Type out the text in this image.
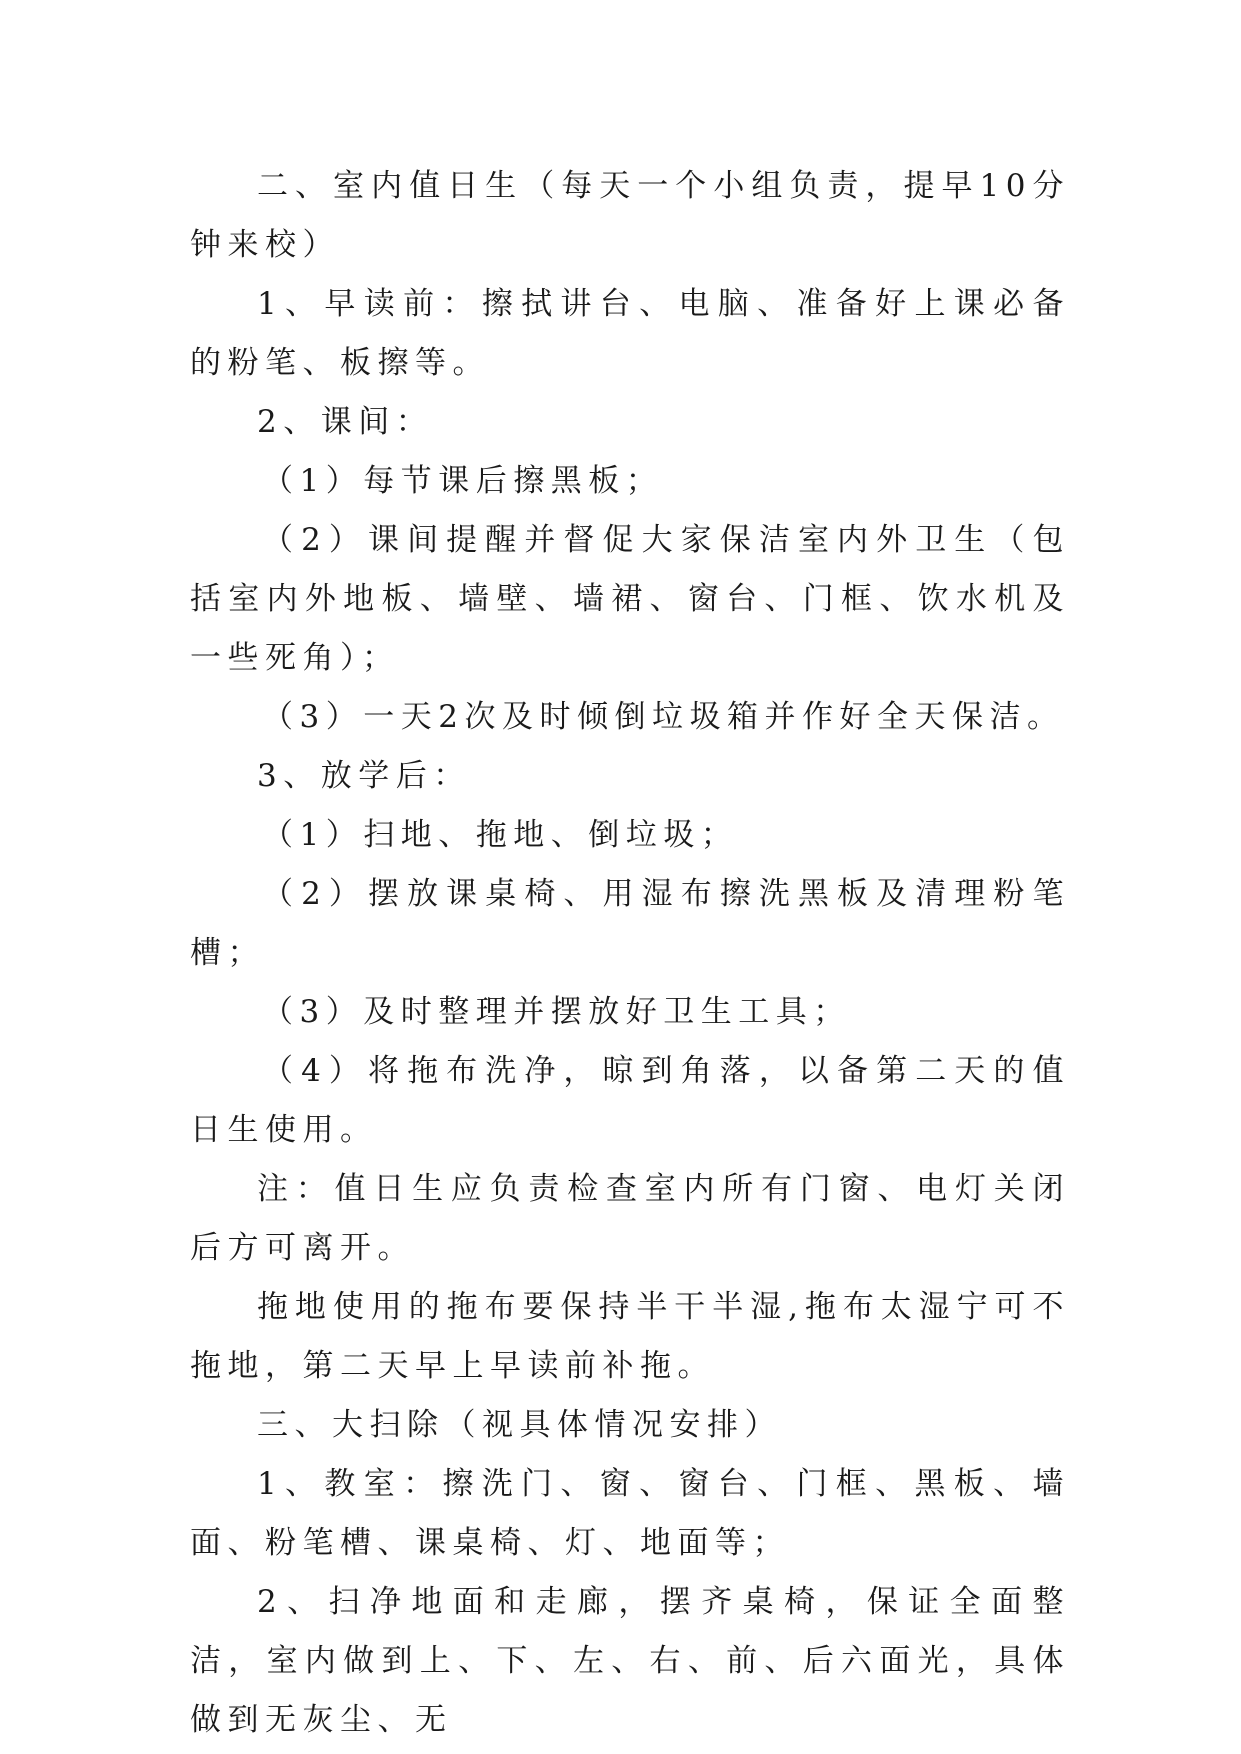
二、室内值日生（每天一个小组负责，提早10分钟来校）

1、早读前：擦拭讲台、电脑、准备好上课必备的粉笔、板擦等。

2、课间：

（1）每节课后擦黑板；

（2）课间提醒并督促大家保洁室内外卫生（包括室内外地板、墙壁、墙裙、窗台、门框、饮水机及一些死角）；

（3）一天2次及时倾倒垃圾箱并作好全天保洁。

3、放学后：

（1）扫地、拖地、倒垃圾；

（2）摆放课桌椅、用湿布擦洗黑板及清理粉笔槽；

（3）及时整理并摆放好卫生工具；

（4）将拖布洗净，晾到角落，以备第二天的值日生使用。

注：值日生应负责检查室内所有门窗、电灯关闭后方可离开。

拖地使用的拖布要保持半干半湿,拖布太湿宁可不拖地，第二天早上早读前补拖。

三、大扫除（视具体情况安排）

1、教室：擦洗门、窗、窗台、门框、黑板、墙面、粉笔槽、课桌椅、灯、地面等；

2、扫净地面和走廊，摆齐桌椅，保证全面整洁，室内做到上、下、左、右、前、后六面光，具体做到无灰尘、无
